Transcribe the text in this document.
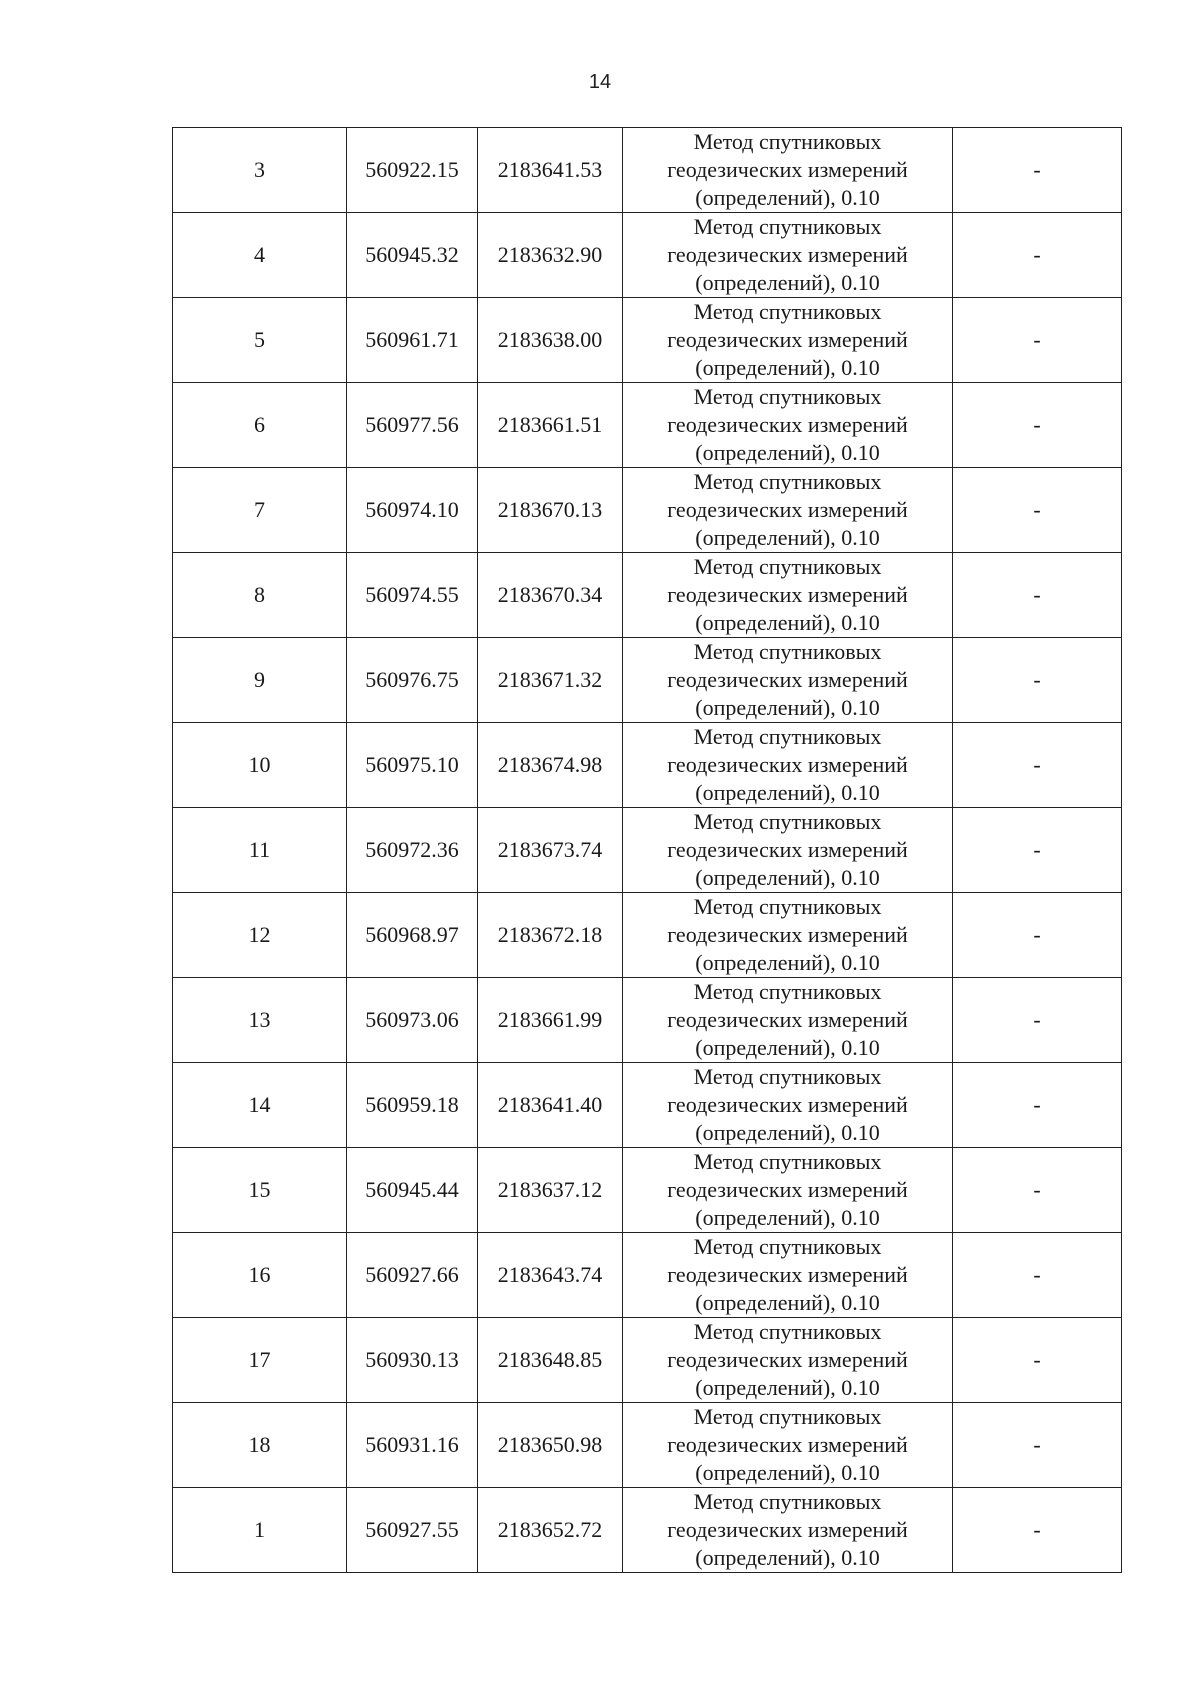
14
3	560922.15	2183641.53	Метод спутниковых
геодезических измерений
(определений), 0.10	-
4	560945.32	2183632.90	Метод спутниковых
геодезических измерений
(определений), 0.10	-
5	560961.71	2183638.00	Метод спутниковых
геодезических измерений
(определений), 0.10	-
6	560977.56	2183661.51	Метод спутниковых
геодезических измерений
(определений), 0.10	-
7	560974.10	2183670.13	Метод спутниковых
геодезических измерений
(определений), 0.10	-
8	560974.55	2183670.34	Метод спутниковых
геодезических измерений
(определений), 0.10	-
9	560976.75	2183671.32	Метод спутниковых
геодезических измерений
(определений), 0.10	-
10	560975.10	2183674.98	Метод спутниковых
геодезических измерений
(определений), 0.10	-
11	560972.36	2183673.74	Метод спутниковых
геодезических измерений
(определений), 0.10	-
12	560968.97	2183672.18	Метод спутниковых
геодезических измерений
(определений), 0.10	-
13	560973.06	2183661.99	Метод спутниковых
геодезических измерений
(определений), 0.10	-
14	560959.18	2183641.40	Метод спутниковых
геодезических измерений
(определений), 0.10	-
15	560945.44	2183637.12	Метод спутниковых
геодезических измерений
(определений), 0.10	-
16	560927.66	2183643.74	Метод спутниковых
геодезических измерений
(определений), 0.10	-
17	560930.13	2183648.85	Метод спутниковых
геодезических измерений
(определений), 0.10	-
18	560931.16	2183650.98	Метод спутниковых
геодезических измерений
(определений), 0.10	-
1	560927.55	2183652.72	Метод спутниковых
геодезических измерений
(определений), 0.10	-
